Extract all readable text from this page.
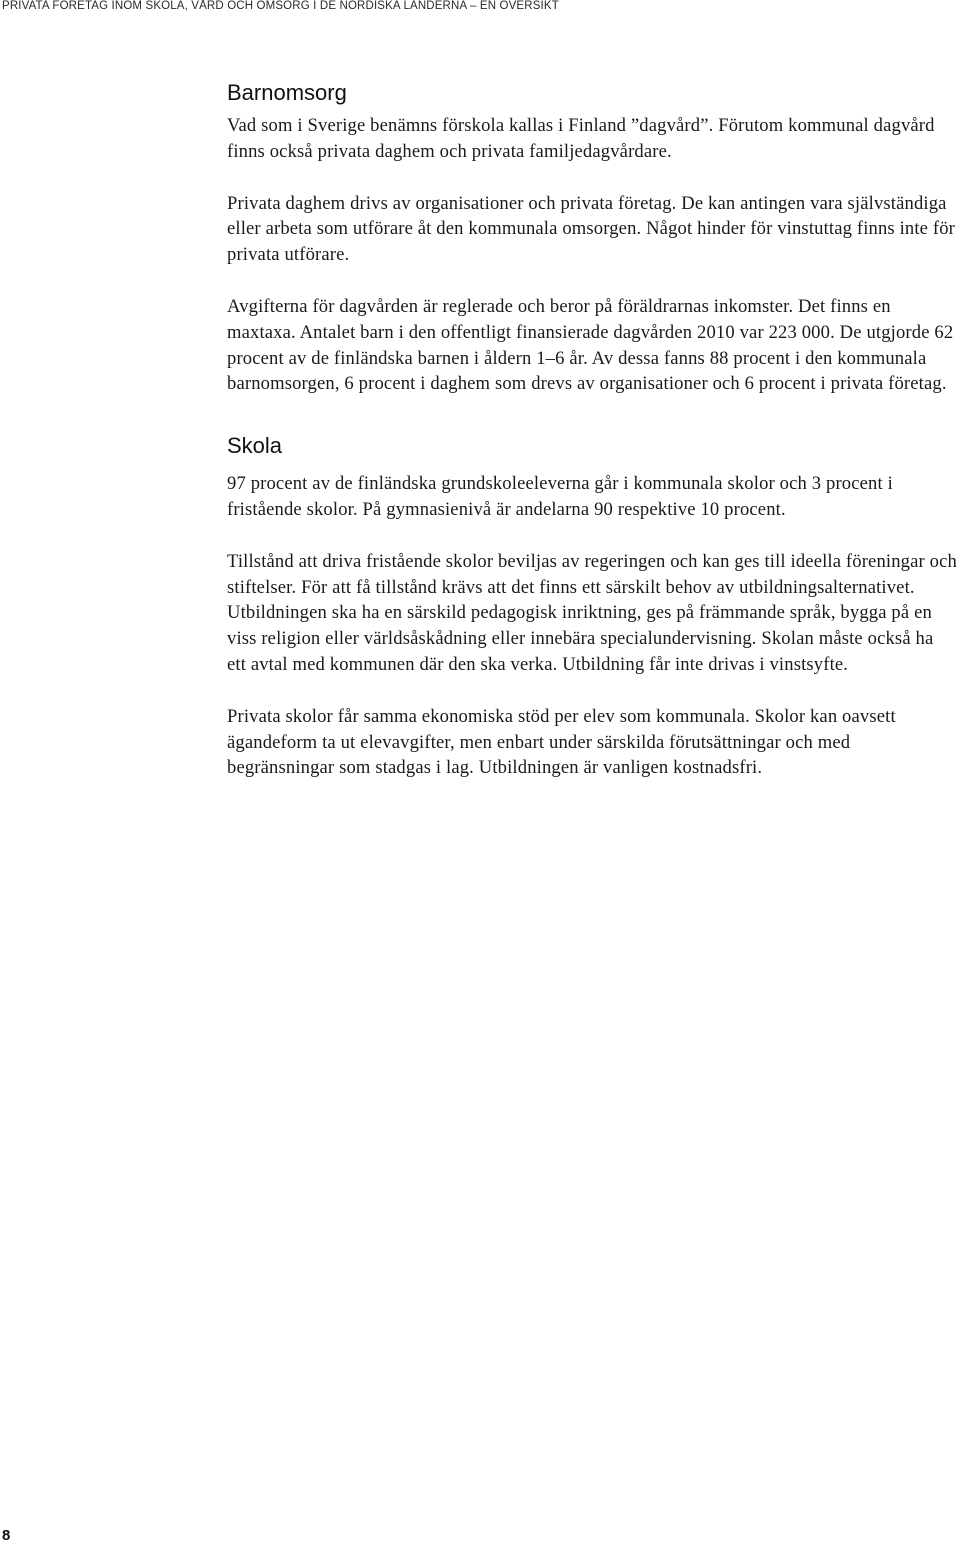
PRIVATA FÖRETAG INOM SKOLA, VÅRD OCH OMSORG I DE NORDISKA LÄNDERNA – EN ÖVERSIKT
Barnomsorg

Vad som i Sverige benämns förskola kallas i Finland ”dagvård”. Förutom kommunal dagvård finns också privata daghem och privata familjedagvårdare.

Privata daghem drivs av organisationer och privata företag. De kan antingen vara självständiga eller arbeta som utförare åt den kommunala omsorgen. Något hinder för vinstuttag finns inte för privata utförare.

Avgifterna för dagvården är reglerade och beror på föräldrarnas inkomster. Det finns en maxtaxa. Antalet barn i den offentligt finansierade dagvården 2010 var 223 000. De utgjorde 62 procent av de finländska barnen i åldern 1–6 år. Av dessa fanns 88 procent i den kommunala barnomsorgen, 6 procent i daghem som drevs av organisationer och 6 procent i privata företag.

Skola

97 procent av de finländska grundskoleeleverna går i kommunala skolor och 3 procent i fristående skolor. På gymnasienivå är andelarna 90 respektive 10 procent.

Tillstånd att driva fristående skolor beviljas av regeringen och kan ges till ideella föreningar och stiftelser. För att få tillstånd krävs att det finns ett särskilt behov av utbildningsalternativet. Utbildningen ska ha en särskild pedagogisk inriktning, ges på främmande språk, bygga på en viss religion eller världsåskådning eller innebära specialundervisning. Skolan måste också ha ett avtal med kommunen där den ska verka. Utbildning får inte drivas i vinstsyfte.

Privata skolor får samma ekonomiska stöd per elev som kommunala. Skolor kan oavsett ägandeform ta ut elevavgifter, men enbart under särskilda förutsättningar och med begränsningar som stadgas i lag. Utbildningen är vanligen kostnadsfri.

8
